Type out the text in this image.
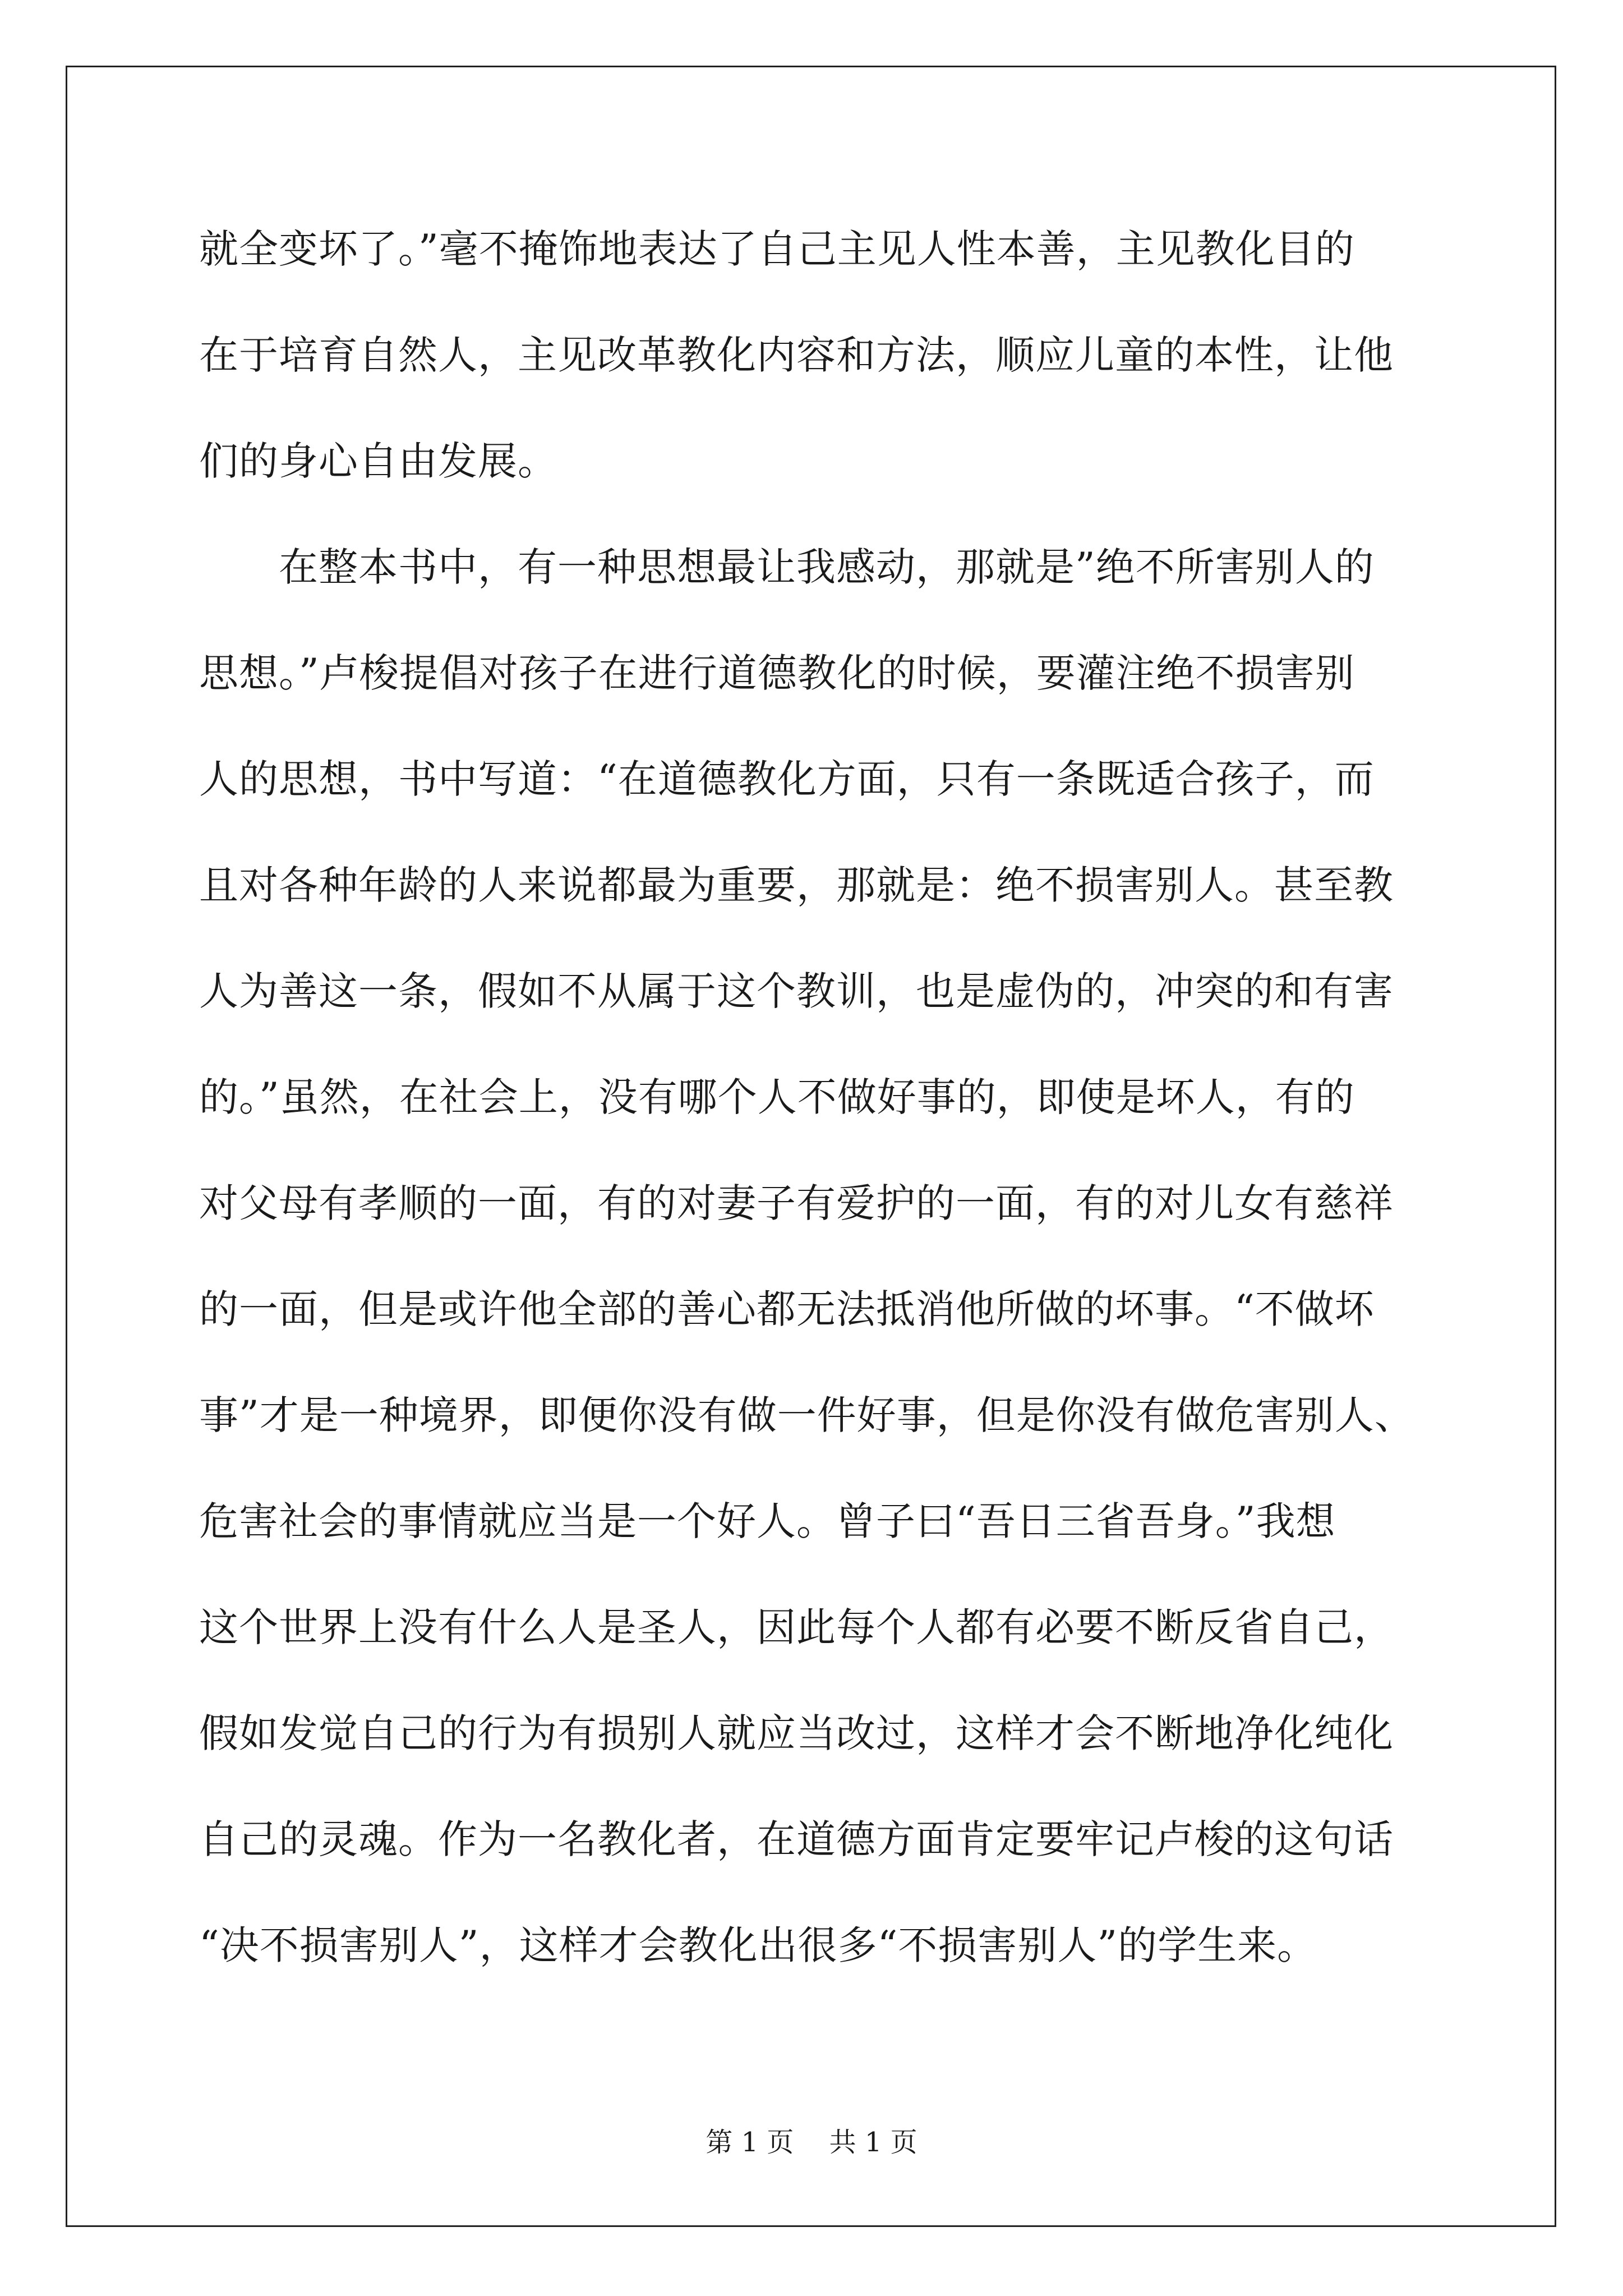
就全变坏了。”毫不掩饰地表达了自己主见人性本善，主见教化目的
在于培育自然人，主见改革教化内容和方法，顺应儿童的本性，让他
们的身心自由发展。
　　在整本书中，有一种思想最让我感动，那就是”绝不所害别人的
思想。”卢梭提倡对孩子在进行道德教化的时候，要灌注绝不损害别
人的思想，书中写道：“在道德教化方面，只有一条既适合孩子，而
且对各种年龄的人来说都最为重要，那就是：绝不损害别人。甚至教
人为善这一条，假如不从属于这个教训，也是虚伪的，冲突的和有害
的。”虽然，在社会上，没有哪个人不做好事的，即使是坏人，有的
对父母有孝顺的一面，有的对妻子有爱护的一面，有的对儿女有慈祥
的一面，但是或许他全部的善心都无法抵消他所做的坏事。“不做坏
事”才是一种境界，即便你没有做一件好事，但是你没有做危害别人、
危害社会的事情就应当是一个好人。曾子曰“吾日三省吾身。”我想
这个世界上没有什么人是圣人，因此每个人都有必要不断反省自己，
假如发觉自己的行为有损别人就应当改过，这样才会不断地净化纯化
自己的灵魂。作为一名教化者，在道德方面肯定要牢记卢梭的这句话
“决不损害别人”，这样才会教化出很多“不损害别人”的学生来。
第 1 页　 共 1 页
